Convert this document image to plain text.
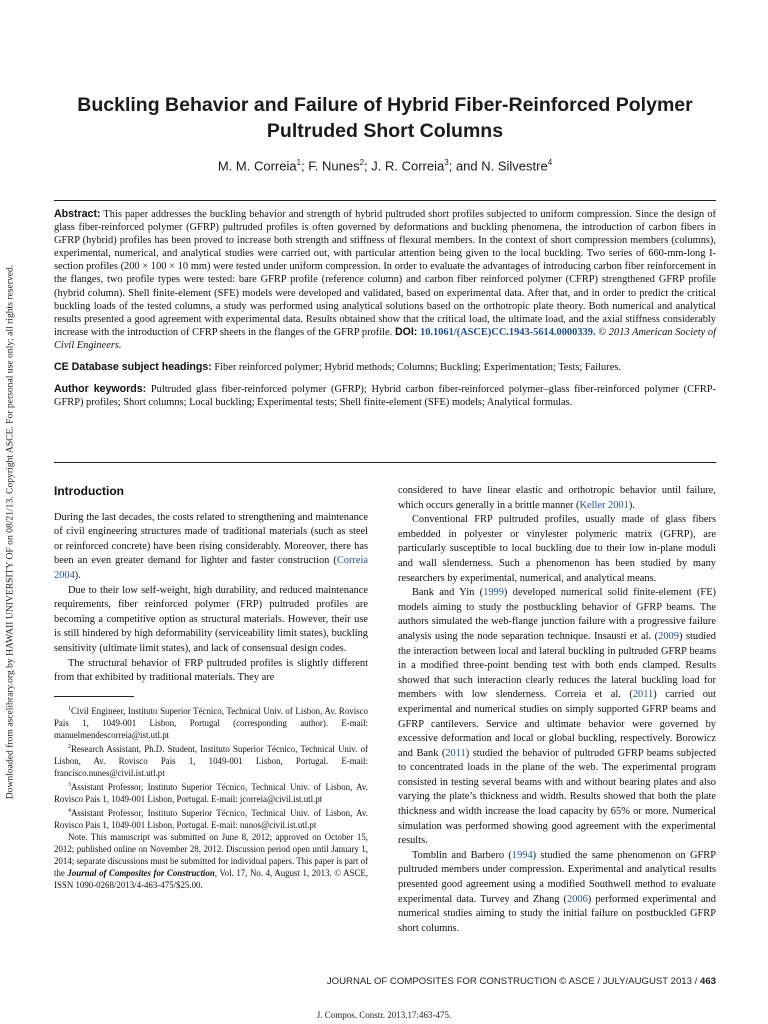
Downloaded from ascelibrary.org by HAWAII UNIVERSITY OF on 08/21/13. Copyright ASCE. For personal use only; all rights reserved.
Buckling Behavior and Failure of Hybrid Fiber-Reinforced Polymer Pultruded Short Columns
M. M. Correia$^1$; F. Nunes$^2$; J. R. Correia$^3$; and N. Silvestre$^4$

Abstract: This paper addresses the buckling behavior and strength of hybrid pultruded short profiles subjected to uniform compression. Since the design of glass fiber-reinforced polymer (GFRP) pultruded profiles is often governed by deformations and buckling phenomena, the introduction of carbon fibers in GFRP (hybrid) profiles has been proved to increase both strength and stiffness of flexural members. In the context of short compression members (columns), experimental, numerical, and analytical studies were carried out, with particular attention being given to the local buckling. Two series of 660-mm-long I-section profiles (200 × 100 × 10 mm) were tested under uniform compression. In order to evaluate the advantages of introducing carbon fiber reinforcement in the flanges, two profile types were tested: bare GFRP profile (reference column) and carbon fiber reinforced polymer (CFRP) strengthened GFRP profile (hybrid column). Shell finite-element (SFE) models were developed and validated, based on experimental data. After that, and in order to predict the critical buckling loads of the tested columns, a study was performed using analytical solutions based on the orthotropic plate theory. Both numerical and analytical results presented a good agreement with experimental data. Results obtained show that the critical load, the ultimate load, and the axial stiffness considerably increase with the introduction of CFRP sheets in the flanges of the GFRP profile. DOI: 10.1061/(ASCE)CC.1943-5614.0000339. © 2013 American Society of Civil Engineers.

CE Database subject headings: Fiber reinforced polymer; Hybrid methods; Columns; Buckling; Experimentation; Tests; Failures.

Author keywords: Pultruded glass fiber-reinforced polymer (GFRP); Hybrid carbon fiber-reinforced polymer–glass fiber-reinforced polymer (CFRP-GFRP) profiles; Short columns; Local buckling; Experimental tests; Shell finite-element (SFE) models; Analytical formulas.

Introduction

During the last decades, the costs related to strengthening and maintenance of civil engineering structures made of traditional materials (such as steel or reinforced concrete) have been rising considerably. Moreover, there has been an even greater demand for lighter and faster construction (Correia 2004).

Due to their low self-weight, high durability, and reduced maintenance requirements, fiber reinforced polymer (FRP) pultruded profiles are becoming a competitive option as structural materials. However, their use is still hindered by high deformability (serviceability limit states), buckling sensitivity (ultimate limit states), and lack of consensual design codes.

The structural behavior of FRP pultruded profiles is slightly different from that exhibited by traditional materials. They are

$^1$Civil Engineer, Instituto Superior Técnico, Technical Univ. of Lisbon, Av. Rovisco Pais 1, 1049-001 Lisbon, Portugal (corresponding author). E-mail: manuelmendescorreia@ist.utl.pt

$^2$Research Assistant, Ph.D. Student, Instituto Superior Técnico, Technical Univ. of Lisbon, Av. Rovisco Pais 1, 1049-001 Lisbon, Portugal. E-mail: francisco.nunes@civil.ist.utl.pt

$^3$Assistant Professor, Instituto Superior Técnico, Technical Univ. of Lisbon, Av. Rovisco Pais 1, 1049-001 Lisbon, Portugal. E-mail: jcorreia@civil.ist.utl.pt

$^4$Assistant Professor, Instituto Superior Técnico, Technical Univ. of Lisbon, Av. Rovisco Pais 1, 1049-001 Lisbon, Portugal. E-mail: nunos@civil.ist.utl.pt

Note. This manuscript was submitted on June 8, 2012; approved on October 15, 2012; published online on November 28, 2012. Discussion period open until January 1, 2014; separate discussions must be submitted for individual papers. This paper is part of the Journal of Composites for Construction, Vol. 17, No. 4, August 1, 2013. © ASCE, ISSN 1090-0268/2013/4-463-475/$25.00.

considered to have linear elastic and orthotropic behavior until failure, which occurs generally in a brittle manner (Keller 2001).

Conventional FRP pultruded profiles, usually made of glass fibers embedded in polyester or vinylester polymeric matrix (GFRP), are particularly susceptible to local buckling due to their low in-plane moduli and wall slenderness. Such a phenomenon has been studied by many researchers by experimental, numerical, and analytical means.

Bank and Yin (1999) developed numerical solid finite-element (FE) models aiming to study the postbuckling behavior of GFRP beams. The authors simulated the web-flange junction failure with a progressive failure analysis using the node separation technique. Insausti et al. (2009) studied the interaction between local and lateral buckling in pultruded GFRP beams in a modified three-point bending test with both ends clamped. Results showed that such interaction clearly reduces the lateral buckling load for members with low slenderness. Correia et al. (2011) carried out experimental and numerical studies on simply supported GFRP beams and GFRP cantilevers. Service and ultimate behavior were governed by excessive deformation and local or global buckling, respectively. Borowicz and Bank (2011) studied the behavior of pultruded GFRP beams subjected to concentrated loads in the plane of the web. The experimental program consisted in testing several beams with and without bearing plates and also varying the plate’s thickness and width. Results showed that both the plate thickness and width increase the load capacity by 65% or more. Numerical simulation was performed showing good agreement with the experimental results.

Tomblin and Barbero (1994) studied the same phenomenon on GFRP pultruded members under compression. Experimental and analytical results presented good agreement using a modified Southwell method to evaluate experimental data. Turvey and Zhang (2006) performed experimental and numerical studies aiming to study the initial failure on postbuckled GFRP short columns.

JOURNAL OF COMPOSITES FOR CONSTRUCTION © ASCE / JULY/AUGUST 2013 / 463
J. Compos. Constr. 2013.17:463-475.
